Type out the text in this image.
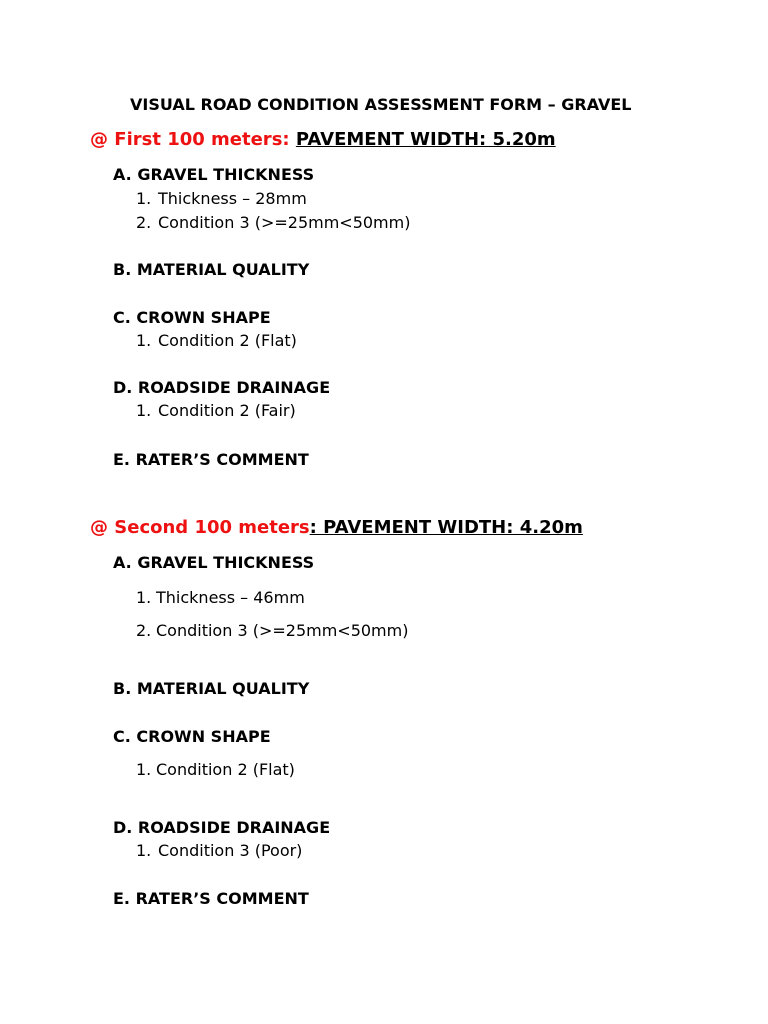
VISUAL ROAD CONDITION ASSESSMENT FORM – GRAVEL
@ First 100 meters: PAVEMENT WIDTH: 5.20m
A. GRAVEL THICKNESS
1. Thickness – 28mm
2. Condition 3 (>=25mm<50mm)
B. MATERIAL QUALITY
C. CROWN SHAPE
1. Condition 2 (Flat)
D. ROADSIDE DRAINAGE
1. Condition 2 (Fair)
E. RATER’S COMMENT
@ Second 100 meters: PAVEMENT WIDTH: 4.20m
A. GRAVEL THICKNESS
1. Thickness – 46mm
2. Condition 3 (>=25mm<50mm)
B. MATERIAL QUALITY
C. CROWN SHAPE
1. Condition 2 (Flat)
D. ROADSIDE DRAINAGE
1. Condition 3 (Poor)
E. RATER’S COMMENT
